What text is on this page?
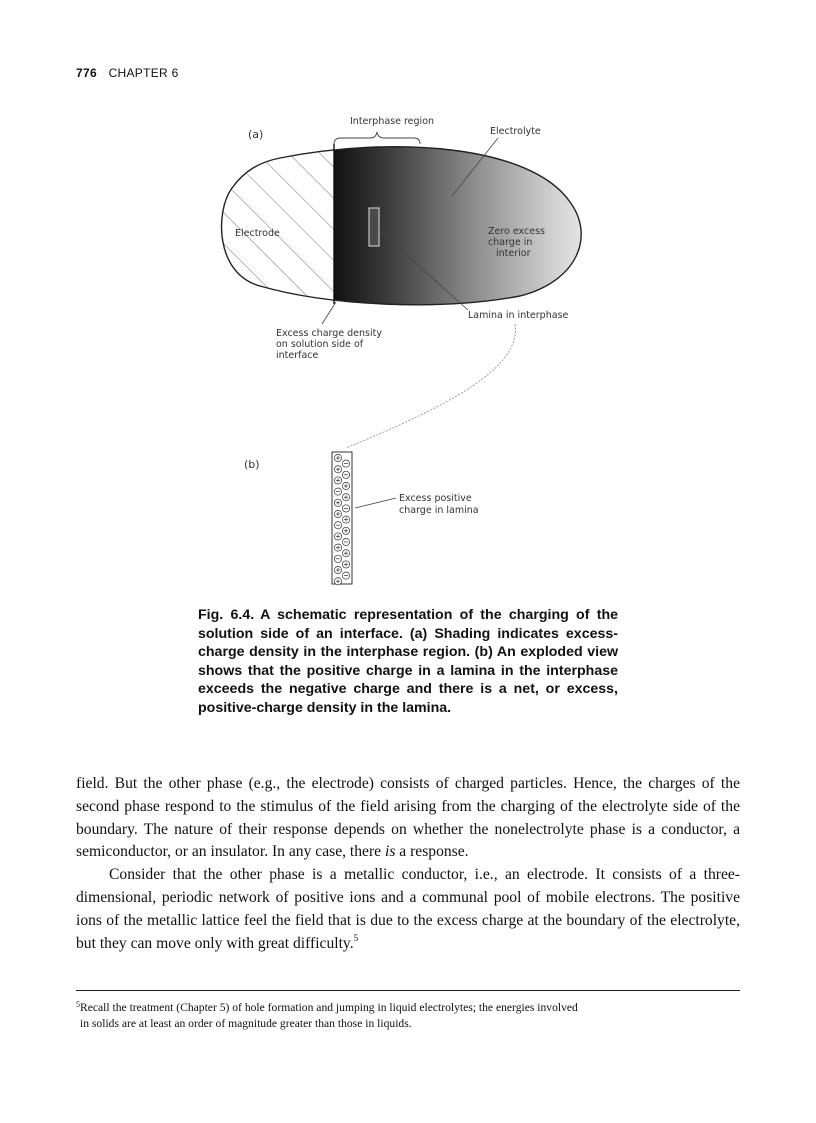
776 CHAPTER 6
(a)
Interphase region
Electrolyte
Electrode	Zero excess
charge in
interior
Lamina in interphase
Excess charge density
on solution side of
interface
(b)
Excess positive
charge in lamina
Fig. 6.4. A schematic representation of the charging of the solution side of an interface. (a) Shading indicates excess-charge density in the interphase region. (b) An exploded view shows that the positive charge in a lamina in the interphase exceeds the negative charge and there is a net, or excess, positive-charge density in the lamina.

field. But the other phase (e.g., the electrode) consists of charged particles. Hence, the charges of the second phase respond to the stimulus of the field arising from the charging of the electrolyte side of the boundary. The nature of their response depends on whether the nonelectrolyte phase is a conductor, a semiconductor, or an insulator. In any case, there is a response.

Consider that the other phase is a metallic conductor, i.e., an electrode. It consists of a three-dimensional, periodic network of positive ions and a communal pool of mobile electrons. The positive ions of the metallic lattice feel the field that is due to the excess charge at the boundary of the electrolyte, but they can move only with great difficulty.$^5$

$^5$Recall the treatment (Chapter 5) of hole formation and jumping in liquid electrolytes; the energies involved
in solids are at least an order of magnitude greater than those in liquids.
